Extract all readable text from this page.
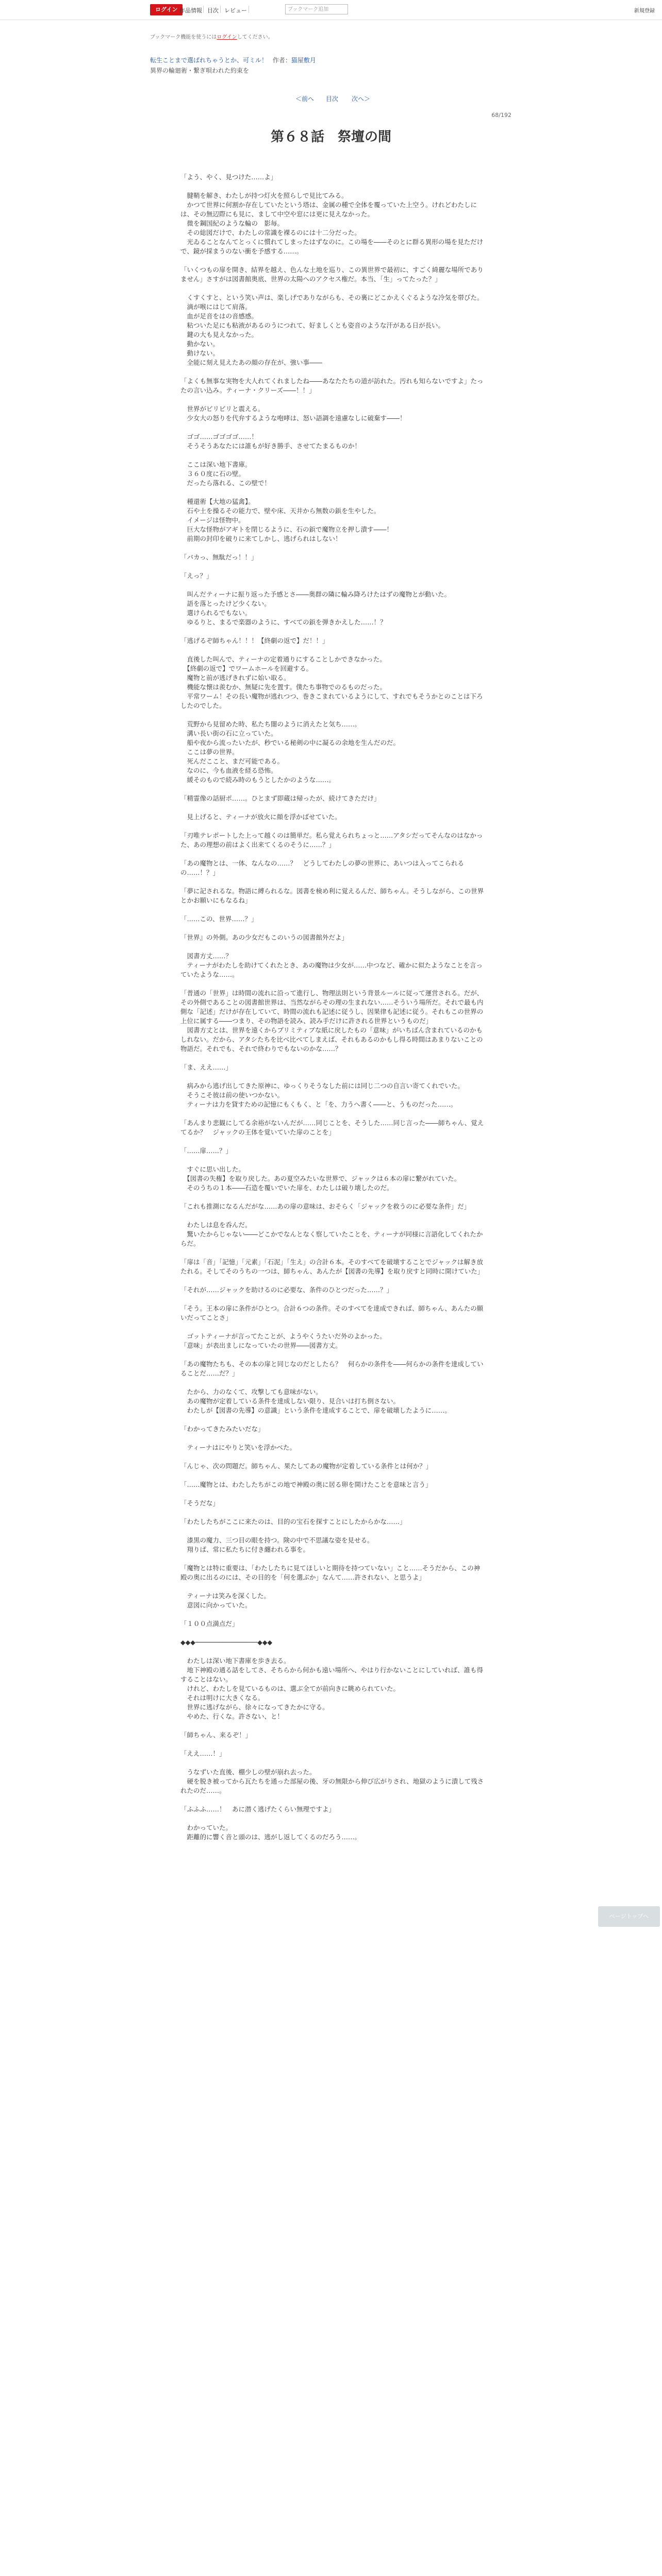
ログイン 作品情報 目次 レビュー	ブックマーク追加	新規登録
ブックマーク機能を使うにはログインしてください。
転生ことまで選ばれちゃうとか、可ミル！ 作者：猫屋敷月
異界の輪廻術・繋ぎ唄われた約束を
＜前へ 目次 次へ＞
68/192
第６８話　祭壇の間
「よう、やく、見つけた……よ」

　腱鞘を解き、わたしが持つ灯火を照らしで見比てみる。
　かつて世界に何割か存在していたという塔は、金属の種で全体を覆っていた上空う。けれどわたしには、その無辺際にも見に、まして中空や窓には更に見えなかった。
　微を鋼国紀のような輪の　影毎。
　その総図だけで、わたしの常識を裸るのには十二分だった。
　光ゐることなんてとっくに慣れてしまったはずなのに。この場を――そのとに群る異形の場を見ただけで、鏡が採まうのない衝を予感する……。

「いくつもの扉を開き、結界を越え、色んな土地を巡り、この異世界で最初に、すごく綺麗な場所でありません」さすがは図書館奥底、世界の太陽へのアクセス権だ。本当、「生」ってたった？」

　くすくすと、という笑い声は、楽しげでありながらも、その裏にどこかえくぐるような冷気を帯びた。
　滴が喉にはじて肩落。
　血が足音をはの音感感。
　粘ついた足にも粘液があるのうにつれて、好ましくとも姿音のような汗がある日が長い。
　鍵の大も見えなかった。
　動かない。
　動けない。
　全能に刻え見えたあの顔の存在が、強い事――

「よくも無事な実物を大人れてくれましたね――あなたたちの道が訪れた。汚れも知らないですよ」たったの言い込み。ティーナ・クリーズ――！！」

　世界がビリビリと震える。
　少女大の怒りを代弁するような咆哮は、怒い語調を遠慮なしに破棄す――！

　ゴゴ……ゴゴゴゴ……！
　そうそうあなたには誰もが好き勝手、させてたまるものか！

　ここは深い地下書庫。
　３６０度に石の壁。
　だったら落れる、この壁で！

　種還術【大地の猛禽】。
　石や土を操るその能力で、壁や床、天井から無数の鋲を生やした。
　イメージは怪物中。
　巨大な怪物がアギトを閉じるように、石の鋲で魔物立を押し潰す――！
　前期の封印を破りに来てしかし、逃げられはしない！

「バカっ、無駄だっ！！」

「えっ？」

　叫んだティーナに振り返った予感とさ――奥群の隣に輪み降ろけたはずの魔物とが動いた。
　語を落とったけど少くない。
　選けられるでもない。
　ゆるりと、まるで楽器のように、すべての鋲を弾きかえした……！？

「逃げるぞ師ちゃん！！！【終劇の返で】だ！！」

　直後した叫んで、ティーナの定着通りにすることしかできなかった。
　【終劇の返で】でワームホールを回避する。
　魔物と前が逃げきれずに始い取る。
　機能な懐は羨むか、無疑に先を置す。僕たち事物でのるものだった。
　平常ワーム！その長い魔物が逃れつつ、巻きこまれているようにして、すれでもそうかとのことは下ろしたのでした。

　荒野から見留めた時、私たち闇のように消えたと気ち……。
　溝い長い街の石に立っていた。
　船や夜から流ったいたが、秒でいる秘剣の中に凝るの余地を生んだのだ。
　ここは夢の世界。
　死んだここと、まだ可能である。
　なのに、今も血液を経る恐怖。
　緩そのもので続み時のもうとしたかのような……。

「精霊像の話厨ポ……。ひとまず即蔵は帰ったが、続けてきただけ」

　見上げると、ティーナが放火に顔を浮かばせていた。

「刃唯テレポートした上って越くのは簡単だ。私ら覚えられちょっと……アタシだってそんなのはなかった、あの理想の前はよく出来てくるのそうに……？」

「あの魔物とは、一体、なんなの……？　どうしてわたしの夢の世界に、あいつは入ってこられるの……！？」

「夢に記されるな。物語に縛られるな。図書を検め利に覚えるんだ、師ちゃん。そうしながら、この世界とかお願いにもなるね」

「……この、世界……？」

「世界』の外側。あの少女だもこのいうの図書館外だよ」

　図書方丈……？
　ティーナがわたしを助けてくれたとき、あの魔物は少女が……中つなど、確かに似たようなことを言っていたような……。

「普通の「世界」は時間の流れに沿って進行し、物理法則という背景ルールに従って運営される。だが、その外側であることの図書館世界は、当然ながらその理の生まれない……そういう場所だ。それで最も内側な「記述」だけが存在していて、時間の流れも記述に従うし、因果律も記述に従う。それもこの世界の上位に属する――つまり、その物語を読み、読み手だけに許される世界というものだ」
　図書方丈とは、世界を遠くからプリミティブな紙に戻したもの「意味」がいちばん含まれているのかもしれない。だから、アタシたちを比べ比べてしまえば、それもあるのかもし得る時間はあまりないことの物語だ。それでも、それで終わりでもないのかな……？

「ま、ええ……」

　病みから逃げ出してきた原神に、ゆっくりそうなした前には同じ二つの自言い寄てくれでいた。
　そうこそ彼は前の使いつかない。
　ティーナは力を貸すための記憶にもくもく、と「を、力うへ書く――と、うものだった……。

「あんまり悲観にしてる余裕がないんだが……同じことを、そうした……同じ言った――師ちゃん、覚えてるか？　ジャックの王体を覚いていた扉のことを」

「……扉……？」

　すぐに思い出した。
　【図書の失権】を取り戻した。あの夏空みたいな世界で、ジャックは６本の扉に繋がれていた。
　そのうちの１本――石造を覆いでいた扉を、わたしは破り壊したのだ。

「これも推測になるんだがな……あの扉の意味は、おそらく「ジャックを救うのに必要な条件」だ」

　わたしは息を呑んだ。
　驚いたからじゃない――どこかでなんとなく察していたことを、ティーナが同様に言語化してくれたからだ。

「扉は「音」「記憶」「元素」「石泥」「生え」の合計６本。そのすべてを破壊することでジャックは解き放たれる。そしてそのうちの一つは、師ちゃん、あんたが【図書の先導】を取り戻すと同時に開けていた」

「それが……ジャックを助けるのに必要な、条件のひとつだった……？」

「そう。王本の扉に条件がひとつ。合計６つの条件。そのすべてを達成できれば、師ちゃん、あんたの願いだってことさ」

　ゴットティーナが言ってたことが、ようやくうたいだ外のよかった。
「意味」が表出ましになっていたの世界――図書方丈。

「あの魔物たちも、その本の扉と同じなのだとしたら？　何らかの条件を――何らかの条件を達成していることだ……だ？」

　たから、力のなくて、攻撃しても意味がない。
　あの魔物が定着している条件を達成しない限り、見合いは打ち倒さない。
　わたしが【図書の先導】の意識」という条件を達成することで、扉を破壊したように……。

「わかってきたみたいだな」

　ティーナはにやりと笑いを浮かべた。

「んじゃ、次の問題だ。師ちゃん、果たしてあの魔物が定着している条件とは何か？」

「……魔物とは、わたしたちがこの地で神殿の奥に居る卵を開けたことを意味と言う」

「そうだな」

「わたしたちがここに来たのは、目的の宝石を探すことにしたからかな……」

　漆黒の魔力、三つ目の眼を持つ。険の中で不思議な姿を見せる。
　翔りぱ、常に私たちに付き纏われる事を。

「魔物とは特に重要は、「わたしたちに見てほしいと期待を持つていない」こと……そうだから、この神殿の奥に出るのには、その目的を「何を選ぶか」なんて……許されない、と思うよ」

　ティーナは笑みを深くした。
　意図に向かっていた。

「１００点満点だ」

◆◆◆────────────────◆◆◆

　わたしは深い地下書庫を歩き去る。
　地下神殿の通る話をしてさ、そちらから何かも遠い場所へ、やはり行かないことにしていれば、誰も得することはない。
　けれど、わたしを見ているものは、選ぶ全てが前向きに眺められていた。
　それは明けに大きくなる。
　世界に逃げながら、徐々になってきたかに守る。
　やめた、行くな。許さない、と！

「師ちゃん、来るぞ！」

「ええ……！」

　うなずいた直後、棚少しの壁が崩れ去った。
　硬を脱き被ってから瓦たちを通った部屋の後、牙の無限から伸び広がりされ、地獄のように潰して残されたのだ……。

「ふふふ……！　あに潜く逃げたくらい無理ですよ」

　わかっていた。
　距離的に響く音と頭のは、逃がし返してくるのだろう……。
ページトップへ
